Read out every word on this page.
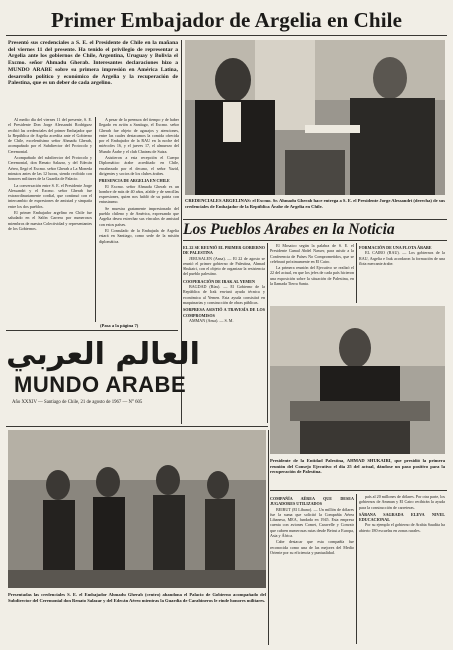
Primer Embajador de Argelia en Chile
Presentó sus credenciales a S. E. el Presidente de Chile en la mañana del viernes 11 del presente. Ha tenido el privilegio de representar a Argelia ante los gobiernos de Chile, Argentina, Uruguay y Bolivia el Excmo. señor Ahmadu Gherab. Interesantes declaraciones hizo a MUNDO ARABE sobre su primera impresión en América Latina, desarrollo político y económico de Argelia y la recuperación de Palestina, que es un deber de cada argelino.
CREDENCIALES ARGELINAS: el Excmo. Sr. Ahmadu Gherab hace entrega a S. E. el Presidente Jorge Alessandri (derecha) de sus credenciales de Embajador de la República Árabe de Argelia en Chile.

Al medio día del viernes 11 del presente, S. E. el Presidente Don Jorge Alessandri Rodríguez recibió las credenciales del primer Embajador que la República de Argelia acredita ante el Gobierno de Chile, excelentísimo señor Ahmadu Gherab, acompañado por el Subdirector del Protocolo y Ceremonial.

Acompañado del subdirector del Protocolo y Ceremonial, don Renato Salazar, y del Edecán Aéreo, llegó el Excmo. señor Gherab a La Moneda minutos antes de las 12 horas, siendo recibido con honores militares de la Guardia de Palacio.

La conversación entre S. E. el Presidente Jorge Alessandri y el Excmo. señor Gherab fue extraordinariamente cordial, que continuó con el intercambio de expresiones de amistad y simpatía entre los dos pueblos.

El primer Embajador argelino en Chile fue saludado en el Salón Carrera por numerosos miembros de nuestra Colectividad y representantes de los Gobiernos.

A pesar de la premura del tiempo y de haber llegado en avión a Santiago, el Excmo. señor Gherab fue objeto de agasajos y atenciones, entre las cuales destacamos la comida ofrecida por el Embajador de la RAU en la noche del miércoles 16, y el jueves 17, el almuerzo del Mundo Árabe y el club Chateau de Suiza.

Asistieron a esta recepción el Cuerpo Diplomático árabe acreditado en Chile, encabezado por el decano, el señor Yazid, dirigentes y socios de los clubes árabes.

PRESENCIA DE ARGELIA EN CHILE

El Excmo. señor Ahmadu Gherab es un hombre de más de 40 años, afable y de sencillas expresiones, quien nos habló de su patria con entusiasmo.

Se muestra gratamente impresionado del pueblo chileno y de América, expresando que Argelia desea estrechar sus vínculos de amistad con estos países.

El Consulado de la Embajada de Argelia estará en Santiago, como sede de la misión diplomática.

(Pasa a la página 7)
العالم العربي
MUNDO ARABE
Año XXXIV — Santiago de Chile, 21 de agosto de 1967 — N° 605
Los Pueblos Arabes en la Noticia
EL 22 SE REUNIÓ EL PRIMER GOBIERNO DE PALESTINA

JERUSALEN (Ansa). — El 22 de agosto se reunió el primer gobierno de Palestina, Ahmad Shukairi, con el objeto de organizar la resistencia del pueblo palestino.

COOPERACIÓN DE IRAK AL YEMEN

BAGDAD (Rías). — El Gobierno de la República de Irak enviará ayuda técnica y económica al Yemen. Esta ayuda consistirá en maquinarias y construcción de obras públicas.

SORPRESA ASISTIÓ A TRAVESÍA DE LOS COMPROMISOS

AMMAN (Ansa). — S. M.

El Mosaico según la palabra de S. E. el Presidente Gamal Abdel Nasser, para asistir a la Conferencia de Países No Comprometidos, que se celebrará próximamente en El Cairo.

La primera reunión del Ejecutivo se realizó el 22 del actual, en que los jefes de cada país hicieron una exposición sobre la situación de Palestina, en la llamada Tierra Santa.

FORMACIÓN DE UNA FLOTA ÁRABE

EL CAIRO (RAU). — Los gobiernos de la RAU, Argelia e Irak acordaron la formación de una flota mercante árabe.

Presidente de la Entidad Palestina, AHMAD SHUKAIRI, que presidió la primera reunión del Consejo Ejecutivo el día 25 del actual, dándose un paso positivo para la recuperación de Palestina.
Presentadas las credenciales S. E. el Embajador Ahmadu Gherab (centro) abandona el Palacio de Gobierno acompañado del Subdirector del Ceremonial don Renato Salazar y del Edecán Aéreo mientras la Guardia de Carabineros le rinde honores militares.
COMPAÑÍA AÉREA QUE DESEA JUGADORES UTILIZADOS

BEIRUT (El Líbano). — Un millón de dólares fue la suma que solicitó la Compañía Aérea Libanesa, MEA, fundada en 1945. Esta empresa cuenta con aviones Comet, Caravelle y Convair que cubren numerosas rutas desde Beirut a Europa, Asia y África.

Cabe destacar que esta compañía fue reconocida como una de las mejores del Medio Oriente por su eficiencia y puntualidad.

país al 20 millones de dólares. Por otra parte, los gobiernos de Amman y El Cairo recibirán la ayuda para la construcción de carreteras.

SÁBANA SAGRADA ELEVA NIVEL EDUCACIONAL

Por su ejemplo el gobierno de Arabia Saudita ha abierto 180 escuelas en zonas rurales.
